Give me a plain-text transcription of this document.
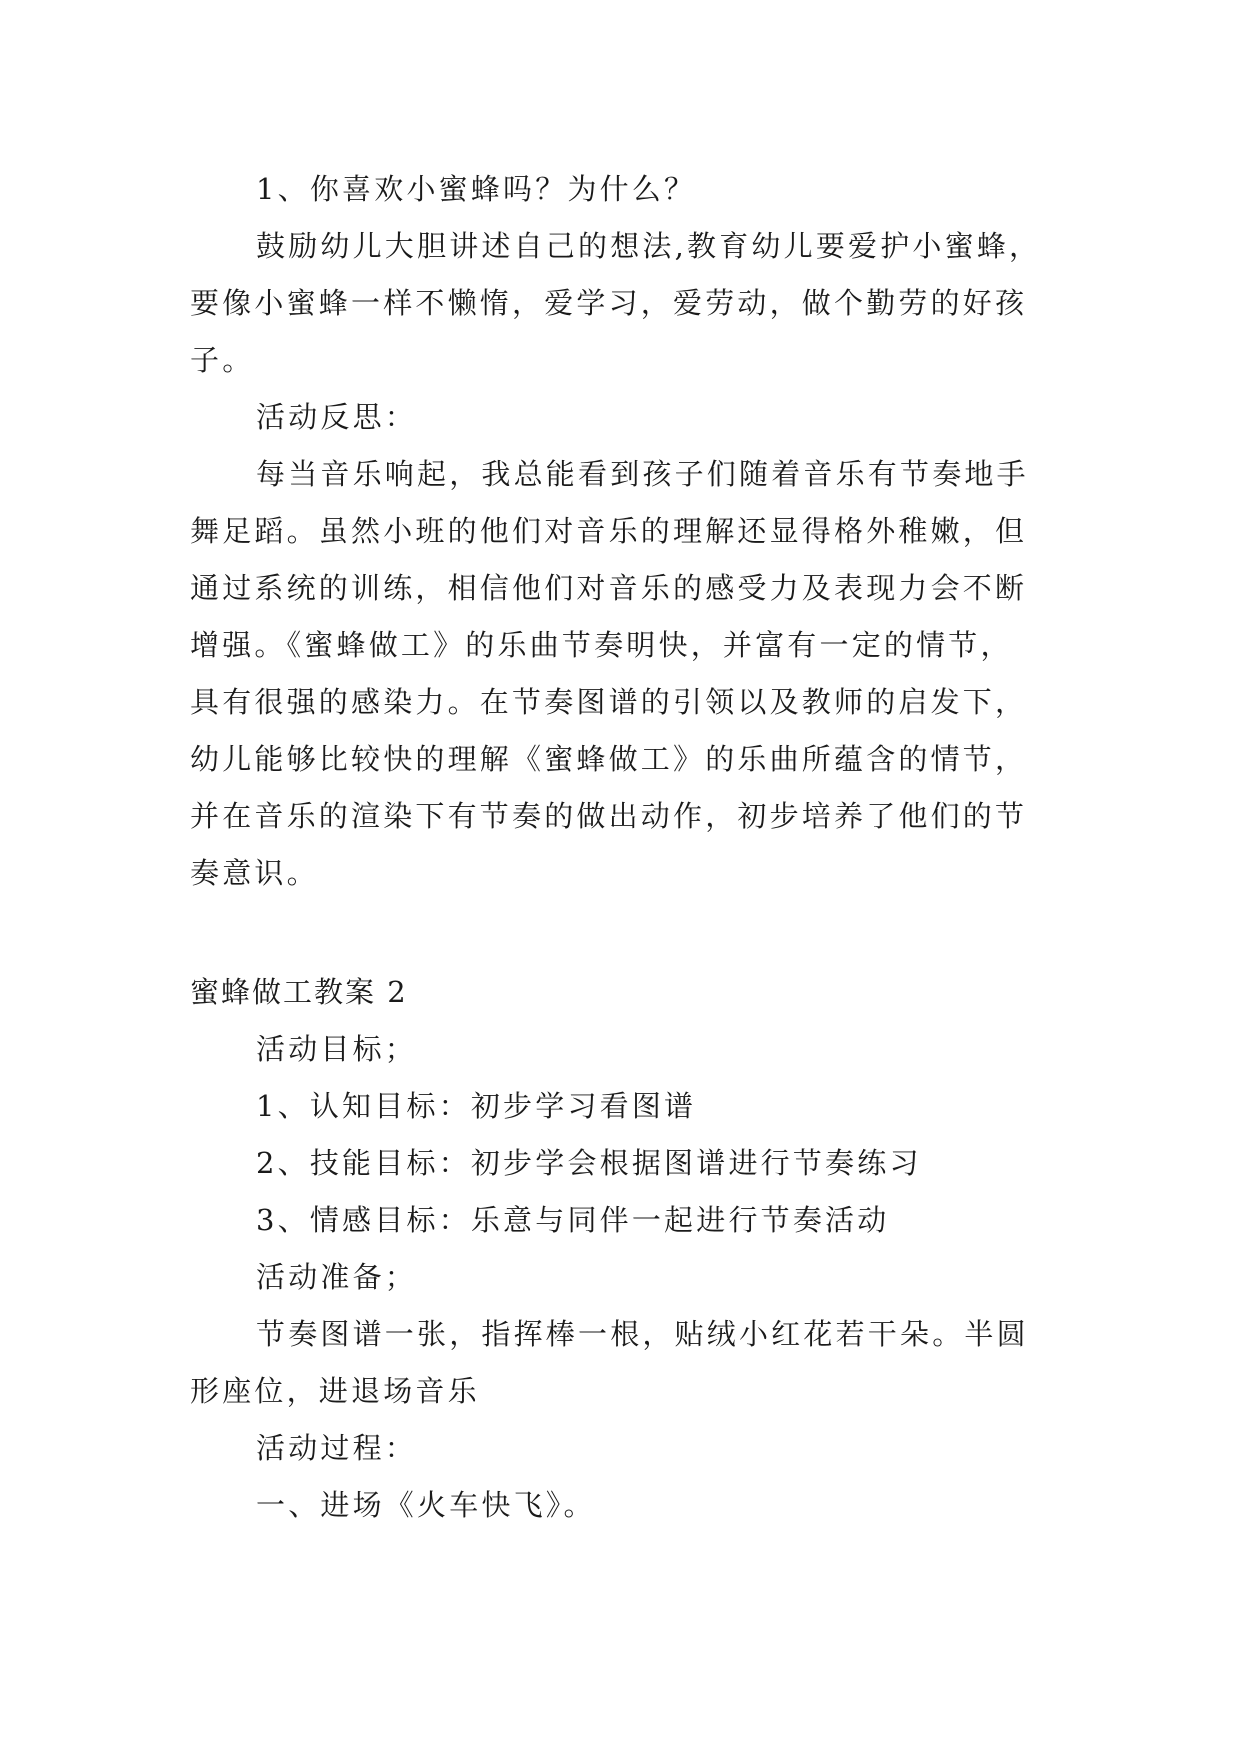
1、你喜欢小蜜蜂吗？为什么？
鼓励幼儿大胆讲述自己的想法,教育幼儿要爱护小蜜蜂，
要像小蜜蜂一样不懒惰，爱学习，爱劳动，做个勤劳的好孩
子。
活动反思：
每当音乐响起，我总能看到孩子们随着音乐有节奏地手
舞足蹈。虽然小班的他们对音乐的理解还显得格外稚嫩，但
通过系统的训练，相信他们对音乐的感受力及表现力会不断
增强。《蜜蜂做工》的乐曲节奏明快，并富有一定的情节，
具有很强的感染力。在节奏图谱的引领以及教师的启发下，
幼儿能够比较快的理解《蜜蜂做工》的乐曲所蕴含的情节，
并在音乐的渲染下有节奏的做出动作，初步培养了他们的节
奏意识。
蜜蜂做工教案 2
活动目标；
1、认知目标：初步学习看图谱
2、技能目标：初步学会根据图谱进行节奏练习
3、情感目标：乐意与同伴一起进行节奏活动
活动准备；
节奏图谱一张，指挥棒一根，贴绒小红花若干朵。半圆
形座位，进退场音乐
活动过程：
一、进场《火车快飞》。
